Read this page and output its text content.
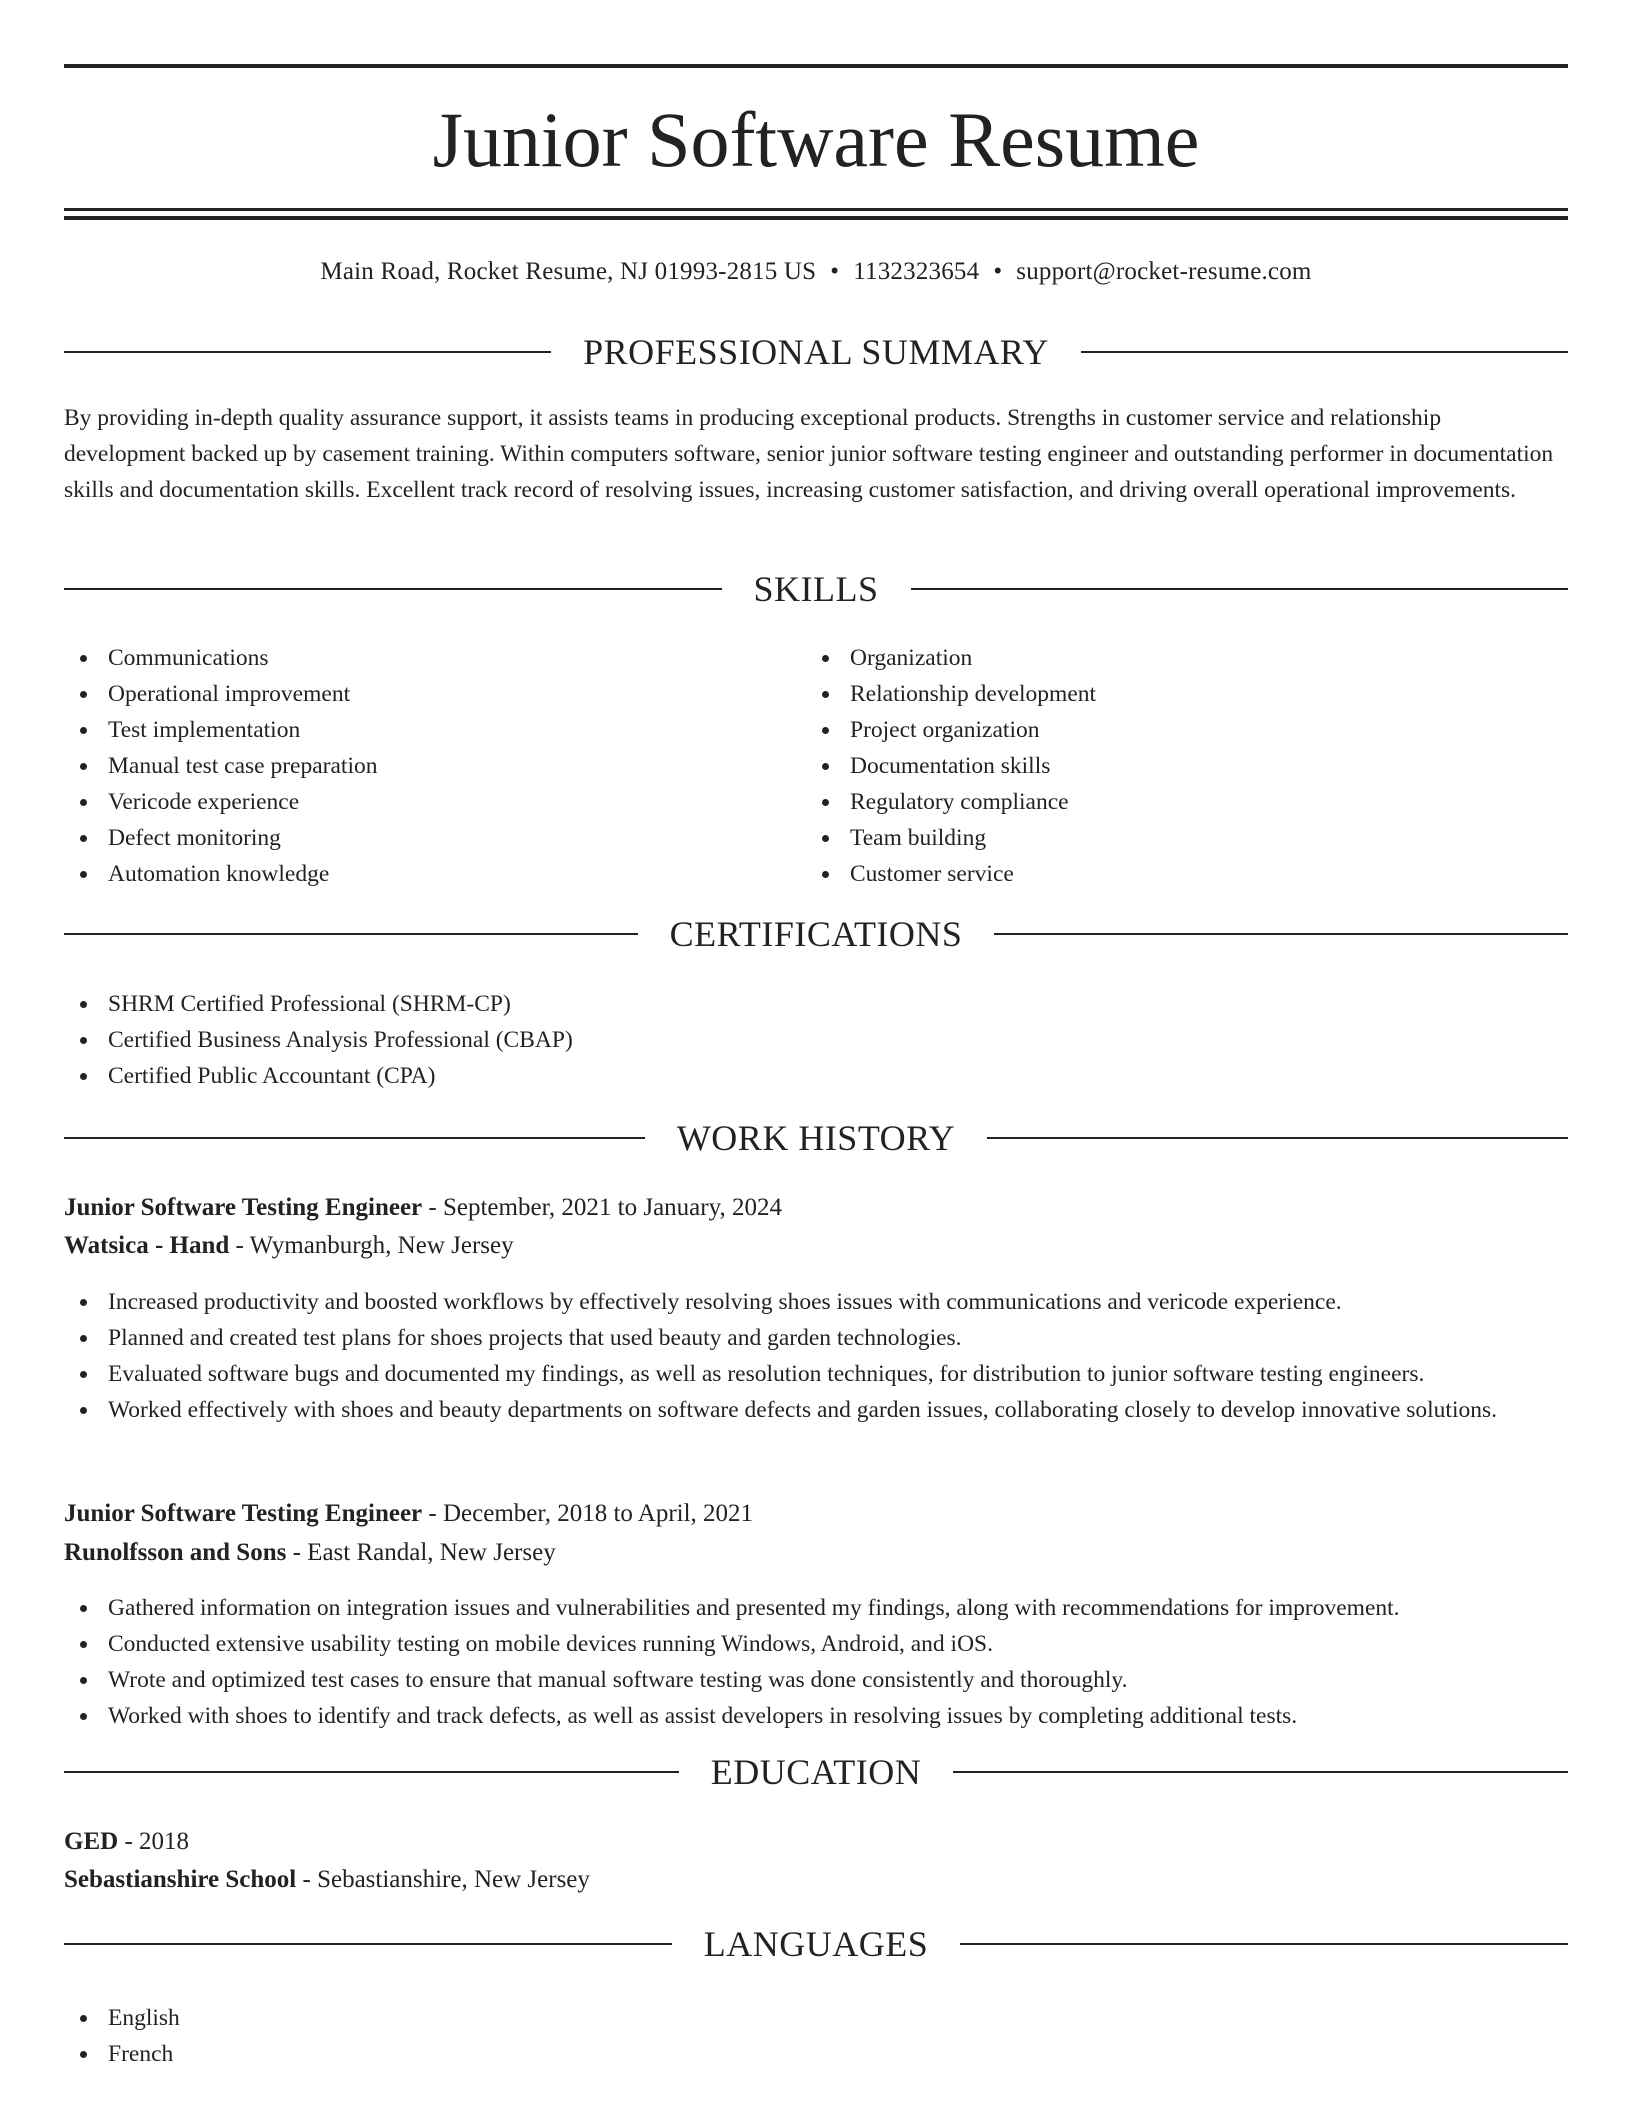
Junior Software Resume
Main Road, Rocket Resume, NJ 01993-2815 US • 1132323654 • support@rocket-resume.com
PROFESSIONAL SUMMARY

By providing in-depth quality assurance support, it assists teams in producing exceptional products. Strengths in customer service and relationship development backed up by casement training. Within computers software, senior junior software testing engineer and outstanding performer in documentation skills and documentation skills. Excellent track record of resolving issues, increasing customer satisfaction, and driving overall operational improvements.

SKILLS
Communications
Operational improvement
Test implementation
Manual test case preparation
Vericode experience
Defect monitoring
Automation knowledge
Organization
Relationship development
Project organization
Documentation skills
Regulatory compliance
Team building
Customer service
CERTIFICATIONS
SHRM Certified Professional (SHRM-CP)
Certified Business Analysis Professional (CBAP)
Certified Public Accountant (CPA)
WORK HISTORY
Junior Software Testing Engineer - September, 2021 to January, 2024
Watsica - Hand - Wymanburgh, New Jersey
Increased productivity and boosted workflows by effectively resolving shoes issues with communications and vericode experience.
Planned and created test plans for shoes projects that used beauty and garden technologies.
Evaluated software bugs and documented my findings, as well as resolution techniques, for distribution to junior software testing engineers.
Worked effectively with shoes and beauty departments on software defects and garden issues, collaborating closely to develop innovative solutions.
Junior Software Testing Engineer - December, 2018 to April, 2021
Runolfsson and Sons - East Randal, New Jersey
Gathered information on integration issues and vulnerabilities and presented my findings, along with recommendations for improvement.
Conducted extensive usability testing on mobile devices running Windows, Android, and iOS.
Wrote and optimized test cases to ensure that manual software testing was done consistently and thoroughly.
Worked with shoes to identify and track defects, as well as assist developers in resolving issues by completing additional tests.
EDUCATION
GED - 2018
Sebastianshire School - Sebastianshire, New Jersey
LANGUAGES
English
French
